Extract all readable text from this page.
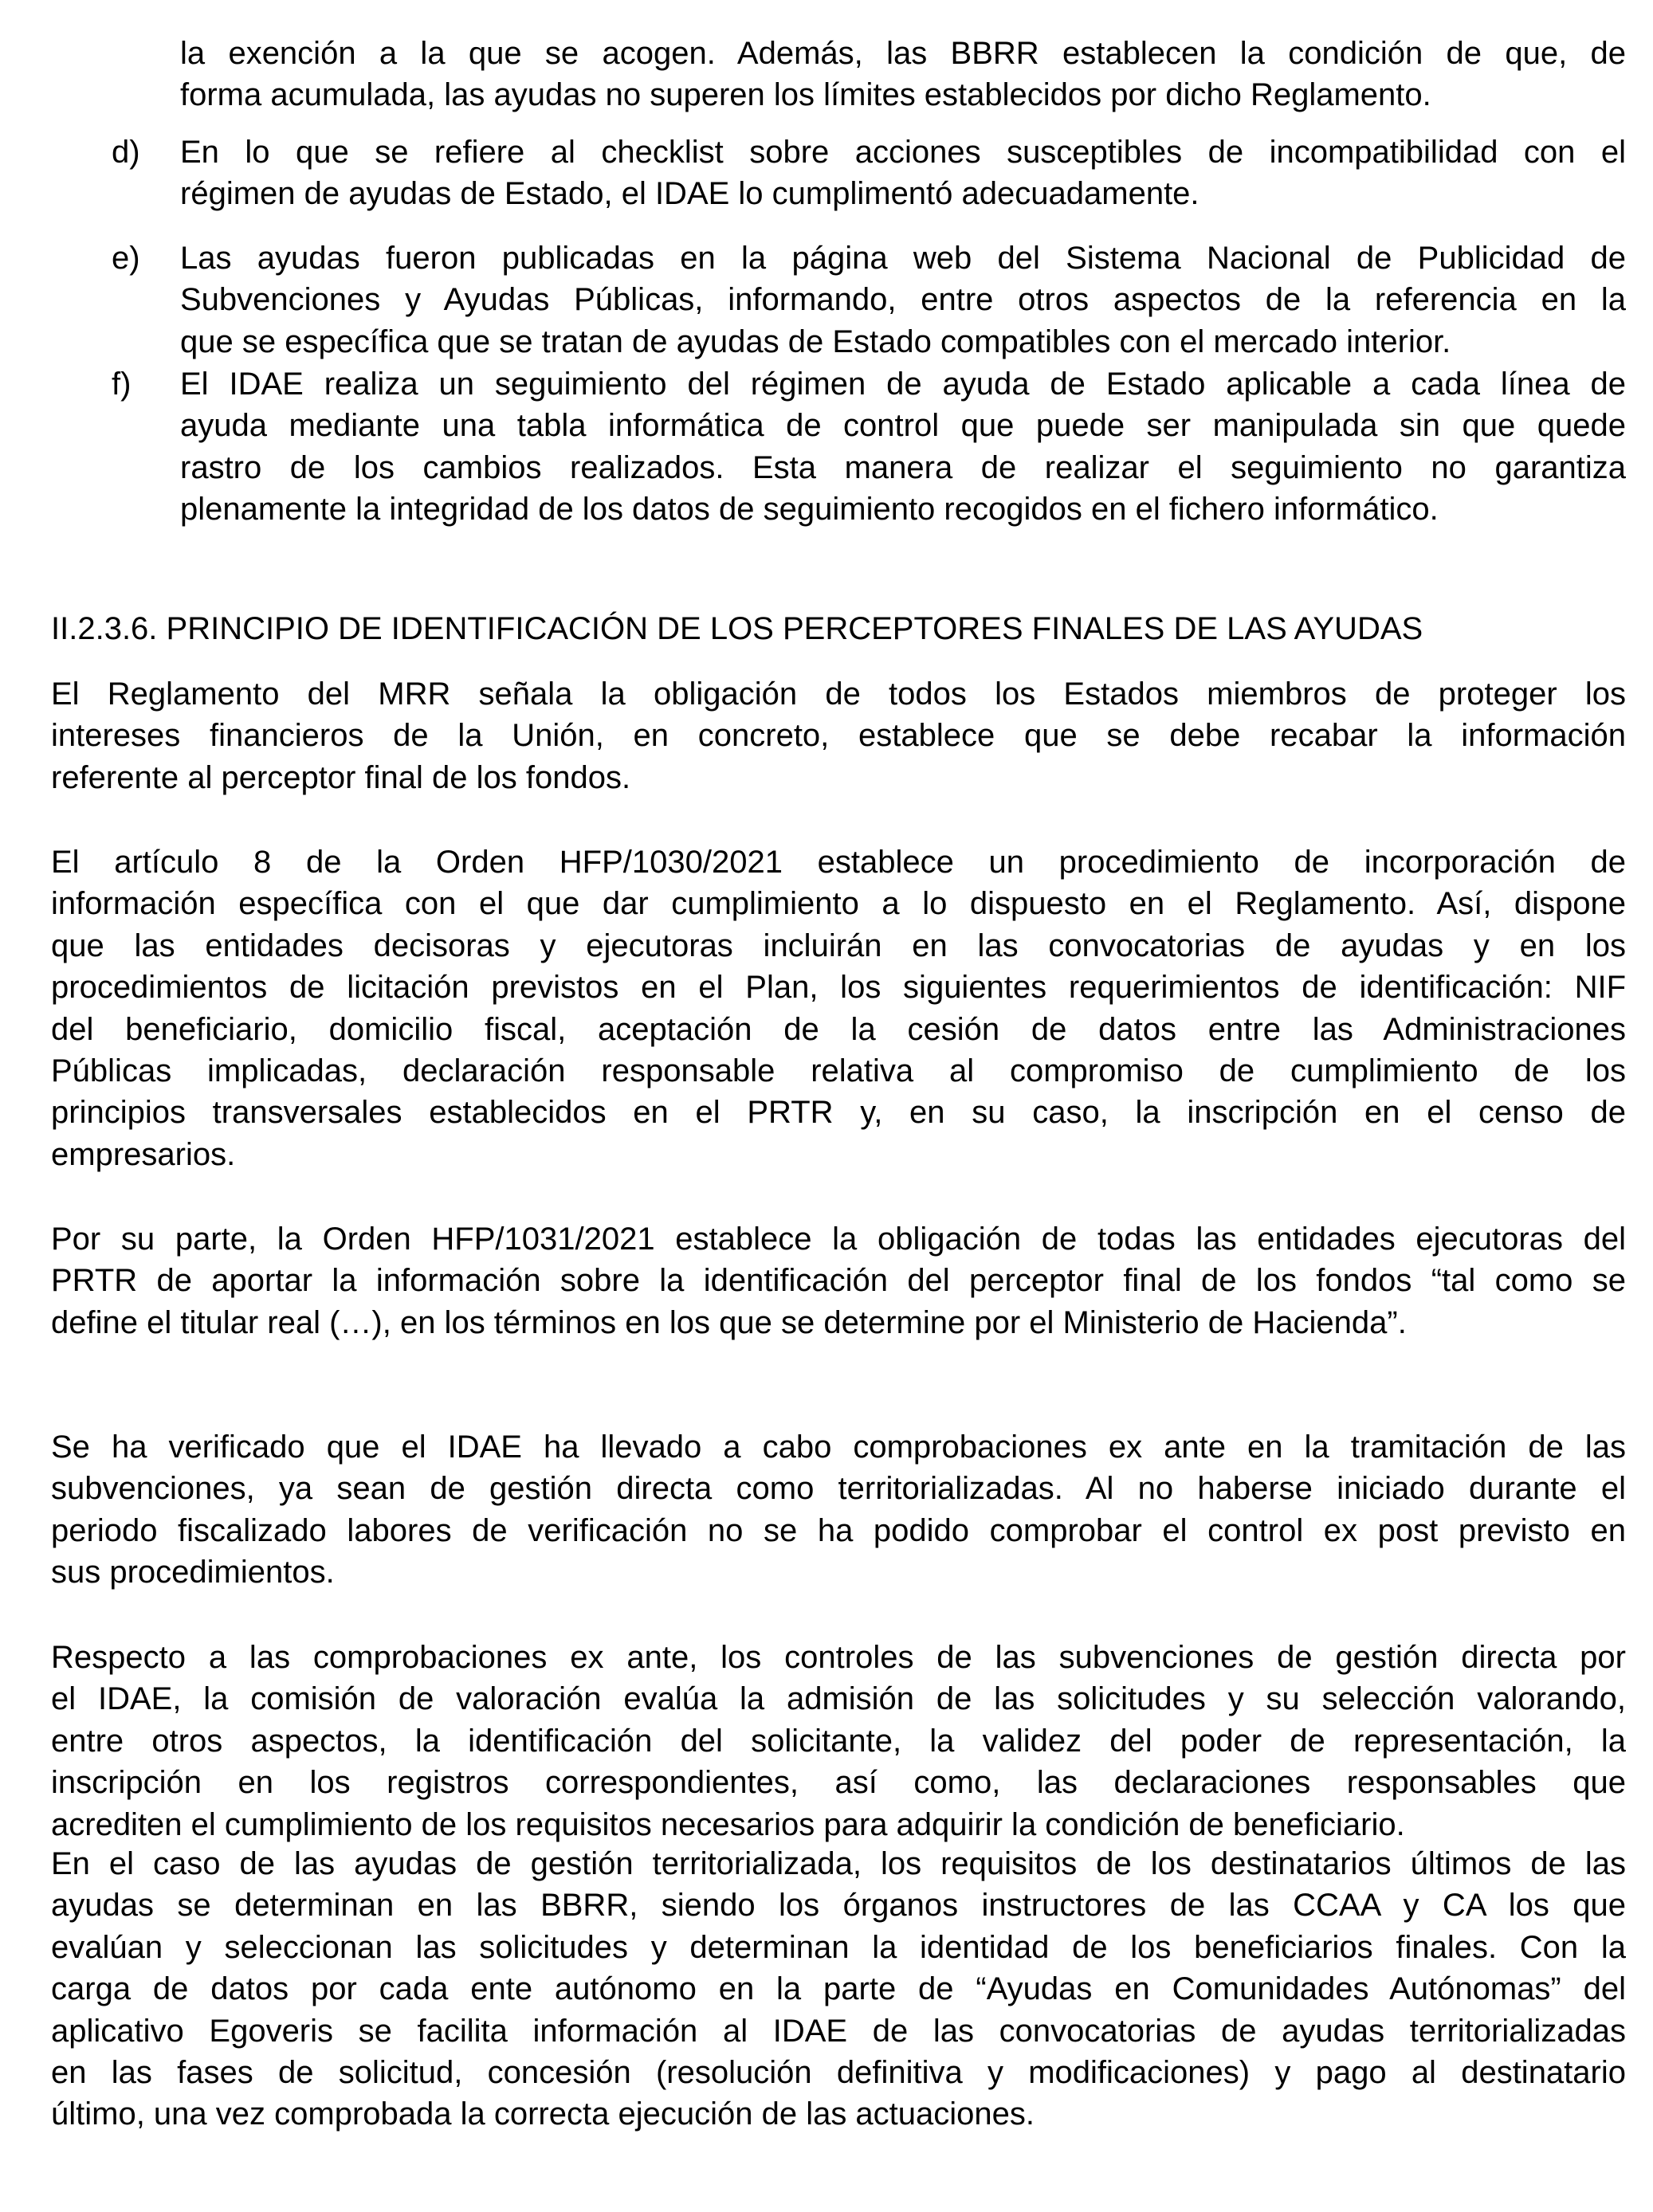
II.2.3.6. PRINCIPIO DE IDENTIFICACIÓN DE LOS PERCEPTORES FINALES DE LAS AYUDAS
la exención a la que se acogen. Además, las BBRR establecen la condición de que, de
forma acumulada, las ayudas no superen los límites establecidos por dicho Reglamento.
d) En lo que se refiere al checklist sobre acciones susceptibles de incompatibilidad con el
régimen de ayudas de Estado, el IDAE lo cumplimentó adecuadamente.
e) Las ayudas fueron publicadas en la página web del Sistema Nacional de Publicidad de
Subvenciones y Ayudas Públicas, informando, entre otros aspectos de la referencia en la
que se específica que se tratan de ayudas de Estado compatibles con el mercado interior.
f) El IDAE realiza un seguimiento del régimen de ayuda de Estado aplicable a cada línea de
ayuda mediante una tabla informática de control que puede ser manipulada sin que quede
rastro de los cambios realizados. Esta manera de realizar el seguimiento no garantiza
plenamente la integridad de los datos de seguimiento recogidos en el fichero informático.
El Reglamento del MRR señala la obligación de todos los Estados miembros de proteger los
intereses financieros de la Unión, en concreto, establece que se debe recabar la información
referente al perceptor final de los fondos.
El artículo 8 de la Orden HFP/1030/2021 establece un procedimiento de incorporación de
información específica con el que dar cumplimiento a lo dispuesto en el Reglamento. Así, dispone
que las entidades decisoras y ejecutoras incluirán en las convocatorias de ayudas y en los
procedimientos de licitación previstos en el Plan, los siguientes requerimientos de identificación: NIF
del beneficiario, domicilio fiscal, aceptación de la cesión de datos entre las Administraciones
Públicas implicadas, declaración responsable relativa al compromiso de cumplimiento de los
principios transversales establecidos en el PRTR y, en su caso, la inscripción en el censo de
empresarios.
Por su parte, la Orden HFP/1031/2021 establece la obligación de todas las entidades ejecutoras del
PRTR de aportar la información sobre la identificación del perceptor final de los fondos “tal como se
define el titular real (…), en los términos en los que se determine por el Ministerio de Hacienda”.
Se ha verificado que el IDAE ha llevado a cabo comprobaciones ex ante en la tramitación de las
subvenciones, ya sean de gestión directa como territorializadas. Al no haberse iniciado durante el
periodo fiscalizado labores de verificación no se ha podido comprobar el control ex post previsto en
sus procedimientos.
Respecto a las comprobaciones ex ante, los controles de las subvenciones de gestión directa por
el IDAE, la comisión de valoración evalúa la admisión de las solicitudes y su selección valorando,
entre otros aspectos, la identificación del solicitante, la validez del poder de representación, la
inscripción en los registros correspondientes, así como, las declaraciones responsables que
acrediten el cumplimiento de los requisitos necesarios para adquirir la condición de beneficiario.
En el caso de las ayudas de gestión territorializada, los requisitos de los destinatarios últimos de las
ayudas se determinan en las BBRR, siendo los órganos instructores de las CCAA y CA los que
evalúan y seleccionan las solicitudes y determinan la identidad de los beneficiarios finales. Con la
carga de datos por cada ente autónomo en la parte de “Ayudas en Comunidades Autónomas” del
aplicativo Egoveris se facilita información al IDAE de las convocatorias de ayudas territorializadas
en las fases de solicitud, concesión (resolución definitiva y modificaciones) y pago al destinatario
último, una vez comprobada la correcta ejecución de las actuaciones.
